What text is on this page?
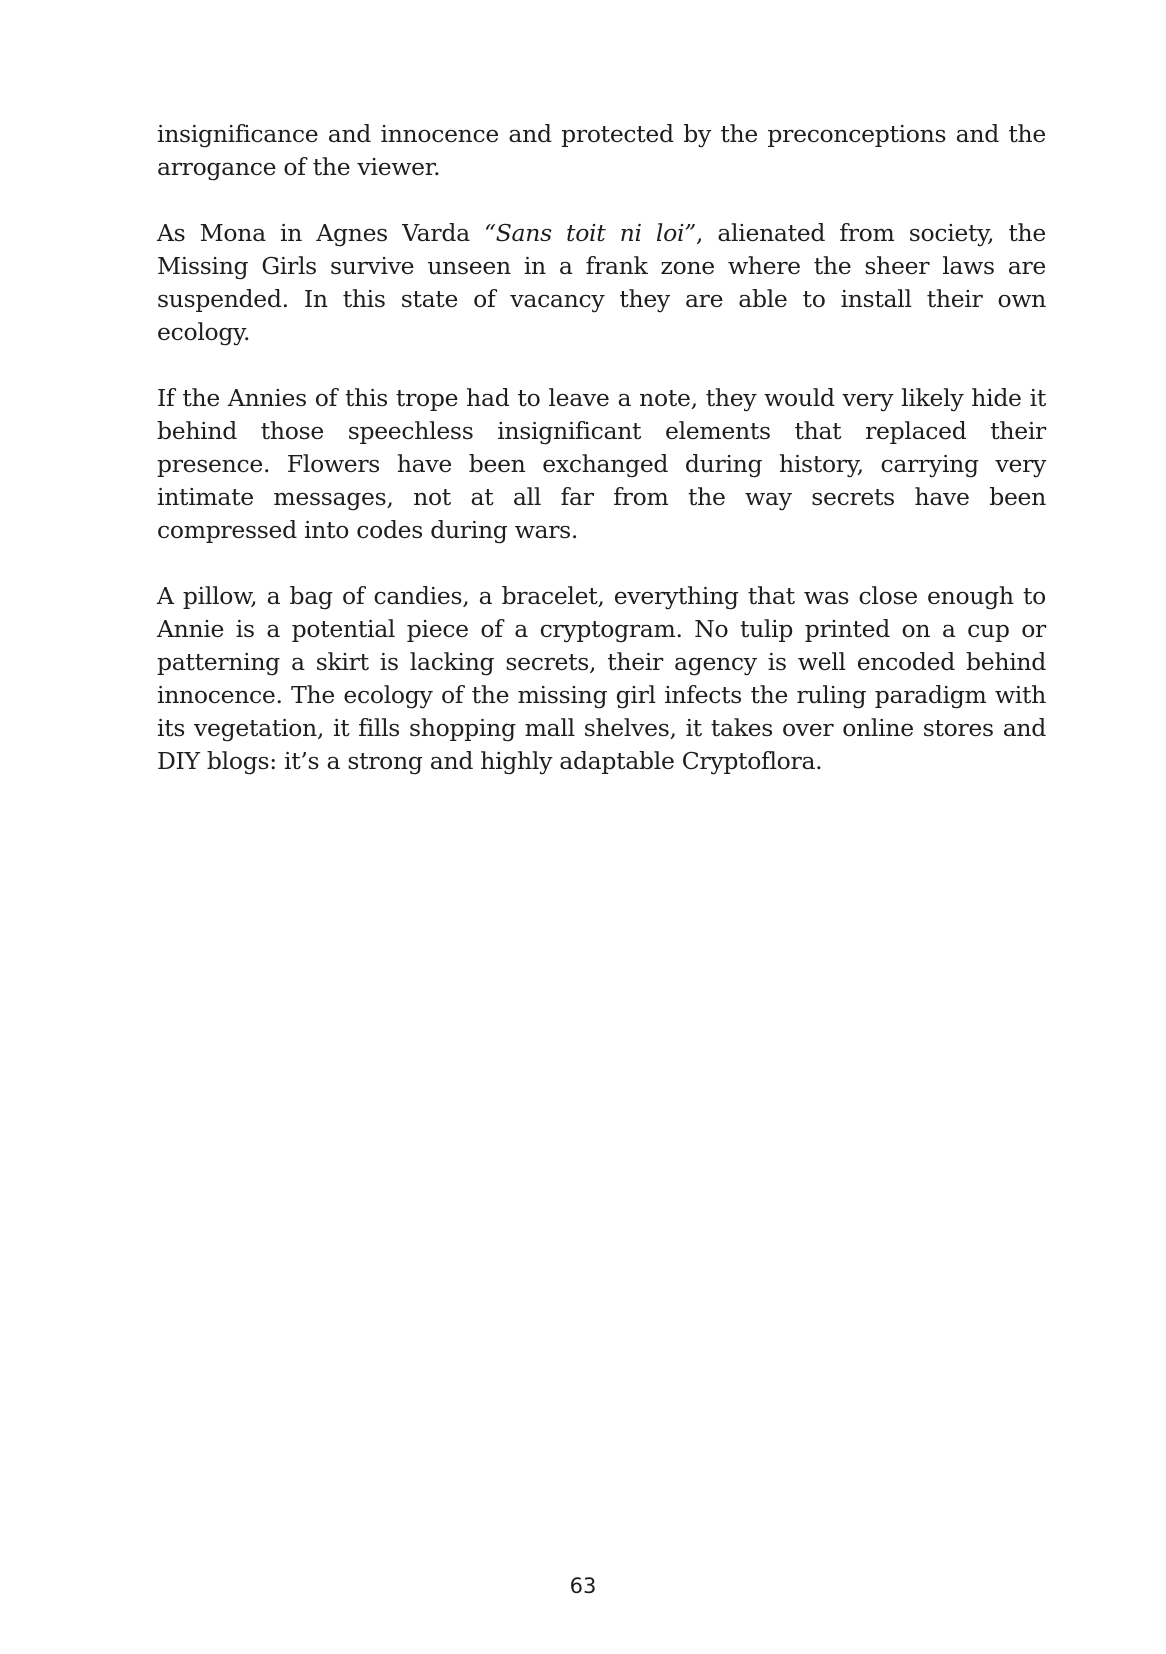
insignificance and innocence and protected by the preconceptions and the arrogance of the viewer.

As Mona in Agnes Varda “Sans toit ni loi”, alienated from society, the Missing Girls survive unseen in a frank zone where the sheer laws are suspended. In this state of vacancy they are able to install their own ecology.

If the Annies of this trope had to leave a note, they would very likely hide it behind those speechless insignificant elements that replaced their presence. Flowers have been exchanged during history, carrying very intimate messages, not at all far from the way secrets have been compressed into codes during wars.

A pillow, a bag of candies, a bracelet, everything that was close enough to Annie is a potential piece of a cryptogram. No tulip printed on a cup or patterning a skirt is lacking secrets, their agency is well encoded behind innocence. The ecology of the missing girl infects the ruling paradigm with its vegetation, it fills shopping mall shelves, it takes over online stores and DIY blogs: it’s a strong and highly adaptable Cryptoflora.

63
